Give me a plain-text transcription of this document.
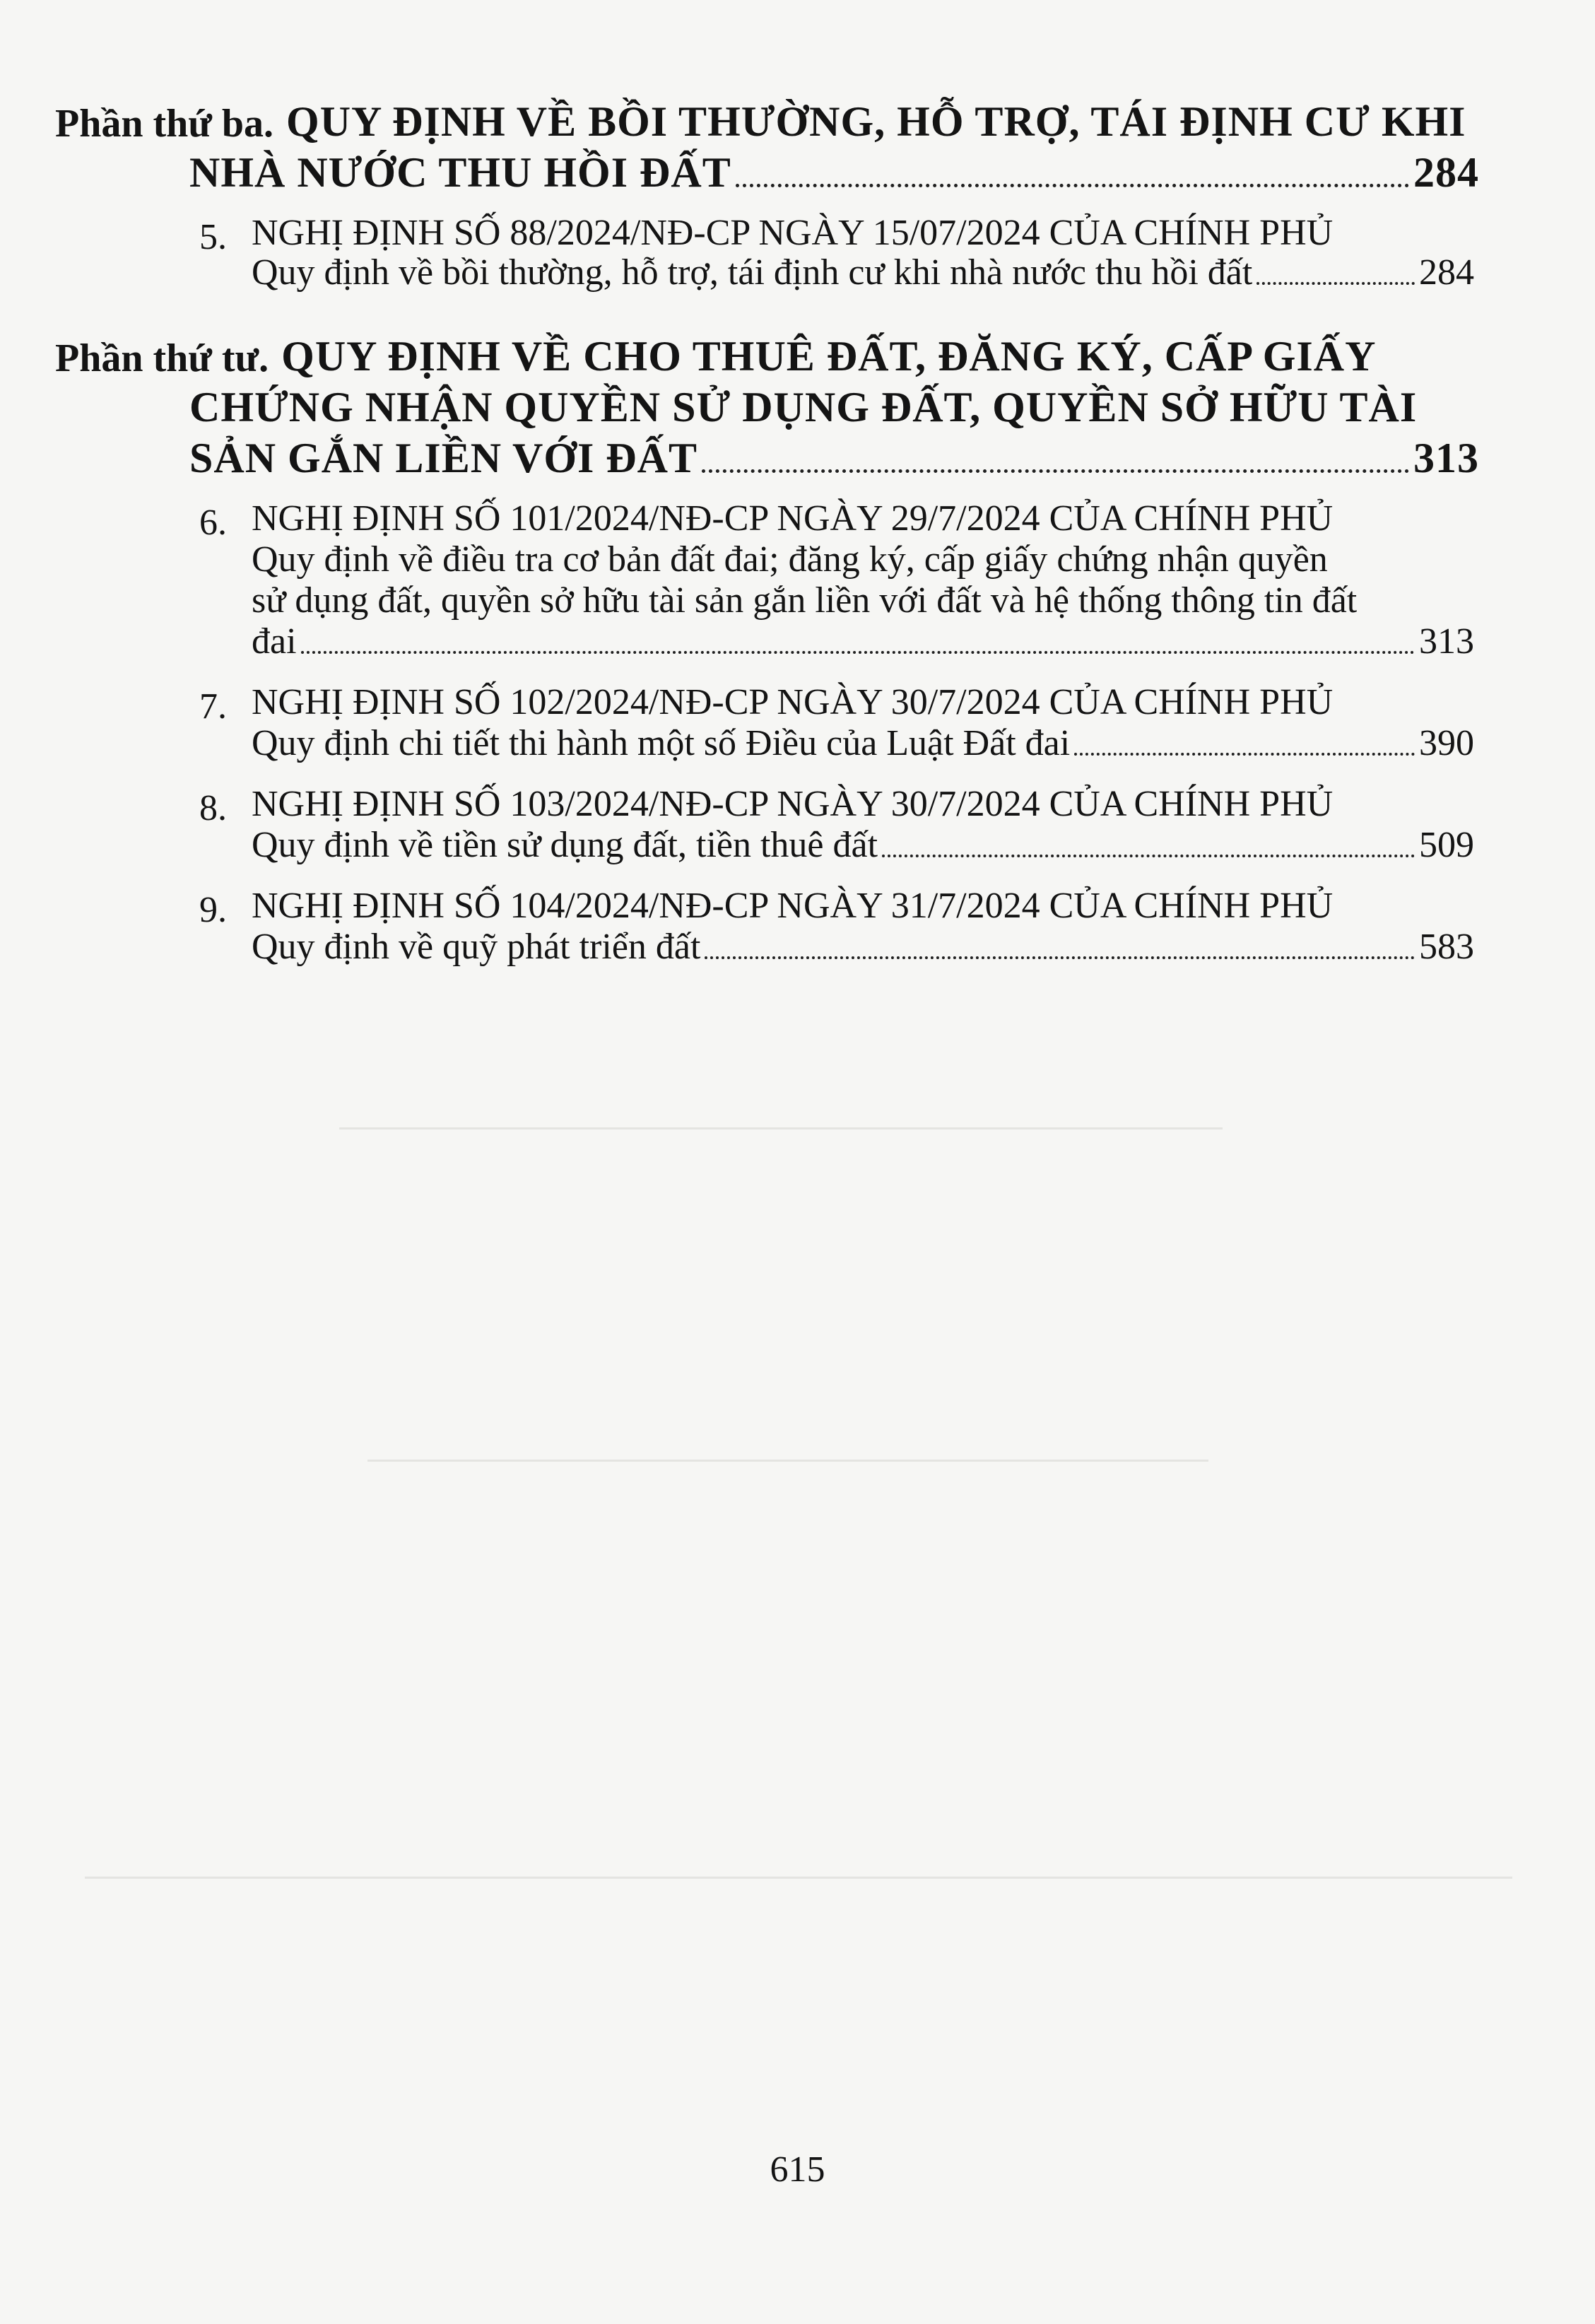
Phần thứ ba. QUY ĐỊNH VỀ BỒI THƯỜNG, HỖ TRỢ, TÁI ĐỊNH CƯ KHI
NHÀ NƯỚC THU HỒI ĐẤT	284
5. NGHỊ ĐỊNH SỐ 88/2024/NĐ-CP NGÀY 15/07/2024 CỦA CHÍNH PHỦ
Quy định về bồi thường, hỗ trợ, tái định cư khi nhà nước thu hồi đất	284
Phần thứ tư. QUY ĐỊNH VỀ CHO THUÊ ĐẤT, ĐĂNG KÝ, CẤP GIẤY
CHỨNG NHẬN QUYỀN SỬ DỤNG ĐẤT, QUYỀN SỞ HỮU TÀI
SẢN GẮN LIỀN VỚI ĐẤT	313
6. NGHỊ ĐỊNH SỐ 101/2024/NĐ-CP NGÀY 29/7/2024 CỦA CHÍNH PHỦ
Quy định về điều tra cơ bản đất đai; đăng ký, cấp giấy chứng nhận quyền
sử dụng đất, quyền sở hữu tài sản gắn liền với đất và hệ thống thông tin đất
đai	313
7. NGHỊ ĐỊNH SỐ 102/2024/NĐ-CP NGÀY 30/7/2024 CỦA CHÍNH PHỦ
Quy định chi tiết thi hành một số Điều của Luật Đất đai	390
8. NGHỊ ĐỊNH SỐ 103/2024/NĐ-CP NGÀY 30/7/2024 CỦA CHÍNH PHỦ
Quy định về tiền sử dụng đất, tiền thuê đất	509
9. NGHỊ ĐỊNH SỐ 104/2024/NĐ-CP NGÀY 31/7/2024 CỦA CHÍNH PHỦ
Quy định về quỹ phát triển đất	583
615
